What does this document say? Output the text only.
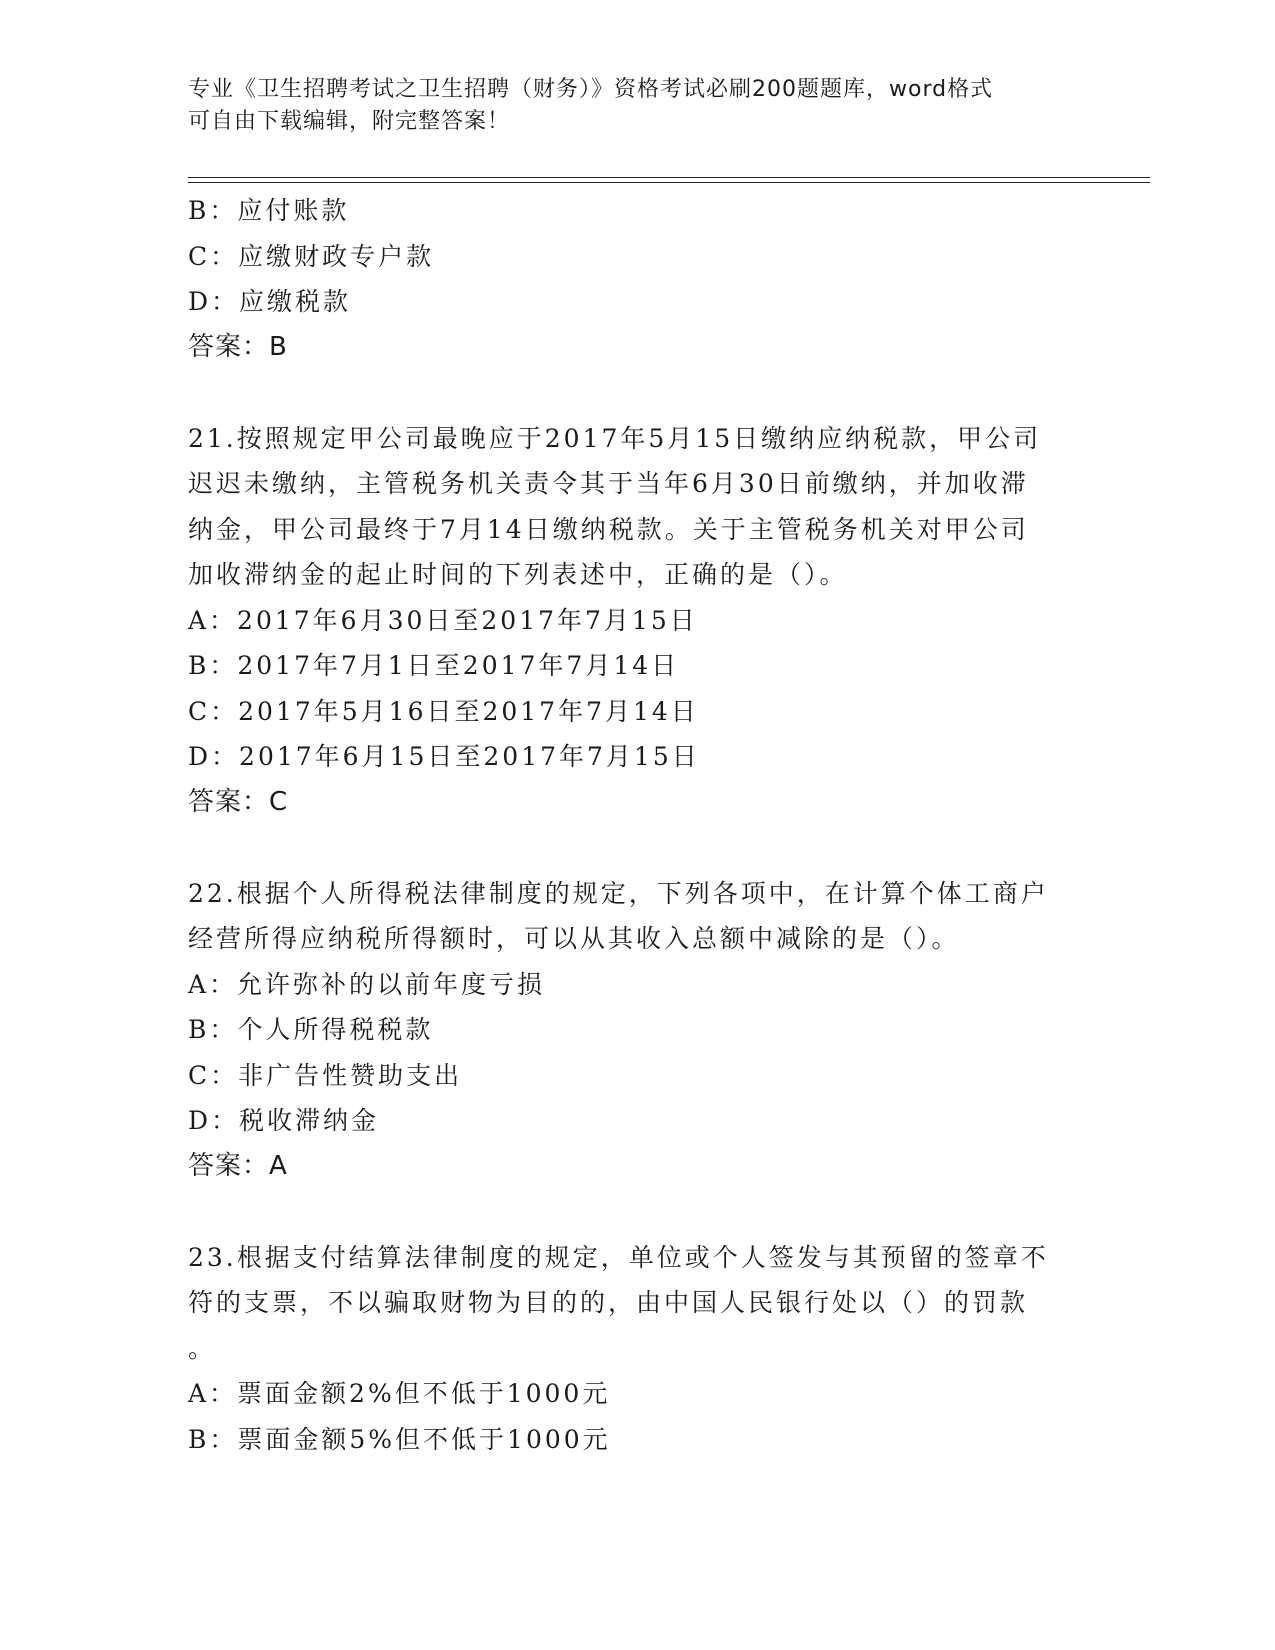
专业《卫生招聘考试之卫生招聘（财务）》资格考试必刷200题题库，word格式
可自由下载编辑，附完整答案！
B：应付账款
C：应缴财政专户款
D：应缴税款
答案：B
21.按照规定甲公司最晚应于2017年5月15日缴纳应纳税款，甲公司
迟迟未缴纳，主管税务机关责令其于当年6月30日前缴纳，并加收滞
纳金，甲公司最终于7月14日缴纳税款。关于主管税务机关对甲公司
加收滞纳金的起止时间的下列表述中，正确的是（）。
A：2017年6月30日至2017年7月15日
B：2017年7月1日至2017年7月14日
C：2017年5月16日至2017年7月14日
D：2017年6月15日至2017年7月15日
答案：C
22.根据个人所得税法律制度的规定，下列各项中，在计算个体工商户
经营所得应纳税所得额时，可以从其收入总额中减除的是（）。
A：允许弥补的以前年度亏损
B：个人所得税税款
C：非广告性赞助支出
D：税收滞纳金
答案：A
23.根据支付结算法律制度的规定，单位或个人签发与其预留的签章不
符的支票，不以骗取财物为目的的，由中国人民银行处以（）的罚款
。
A：票面金额2%但不低于1000元
B：票面金额5%但不低于1000元
